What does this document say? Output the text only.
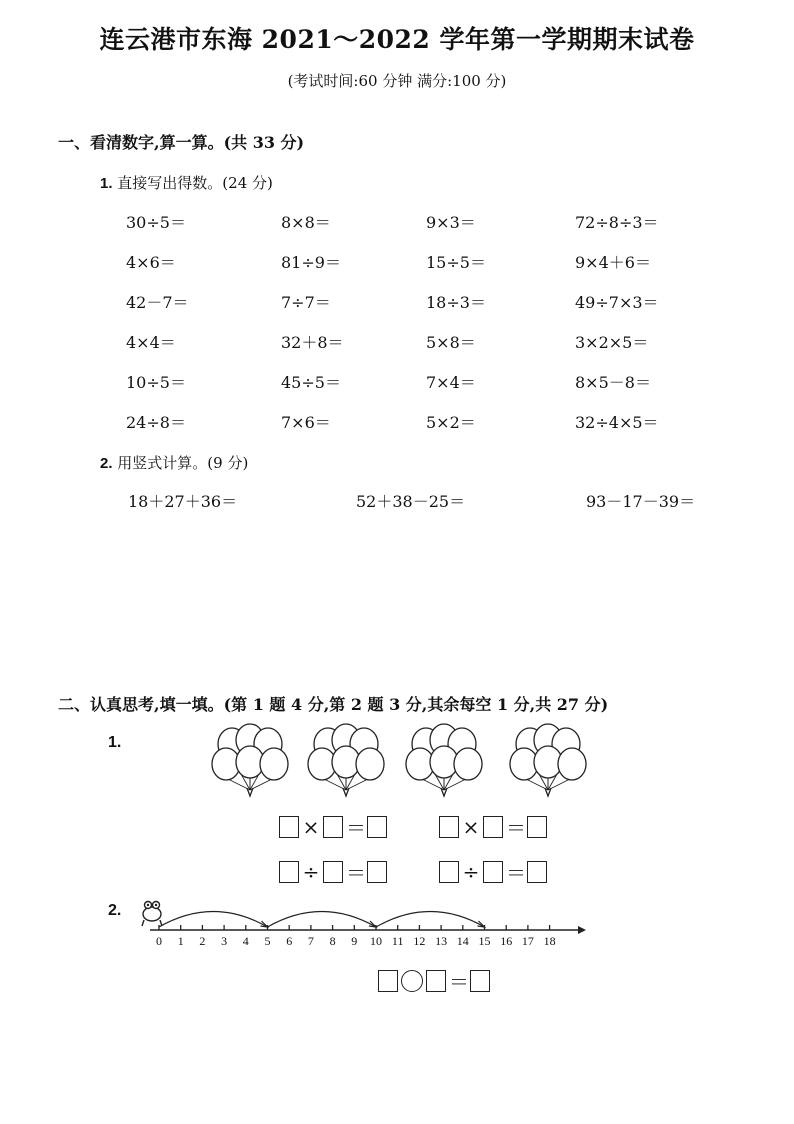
连云港市东海 2021～2022 学年第一学期期末试卷
(考试时间:60 分钟 满分:100 分)
一、看清数字,算一算。(共 33 分)
1. 直接写出得数。(24 分)
30÷5＝	8×8＝	9×3＝	72÷8÷3＝
4×6＝	81÷9＝	15÷5＝	9×4＋6＝
42－7＝	7÷7＝	18÷3＝	49÷7×3＝
4×4＝	32＋8＝	5×8＝	3×2×5＝
10÷5＝	45÷5＝	7×4＝	8×5－8＝
24÷8＝	7×6＝	5×2＝	32÷4×5＝
2. 用竖式计算。(9 分)
18＋27＋36＝	52＋38－25＝	93－17－39＝
二、认真思考,填一填。(第 1 题 4 分,第 2 题 3 分,其余每空 1 分,共 27 分)
1.
× ＝	× ＝
÷ ＝	÷ ＝
2.
0 1 2 3 4 5 6 7 8 9 10 11 12 13 14 15 16 17 18
＝
